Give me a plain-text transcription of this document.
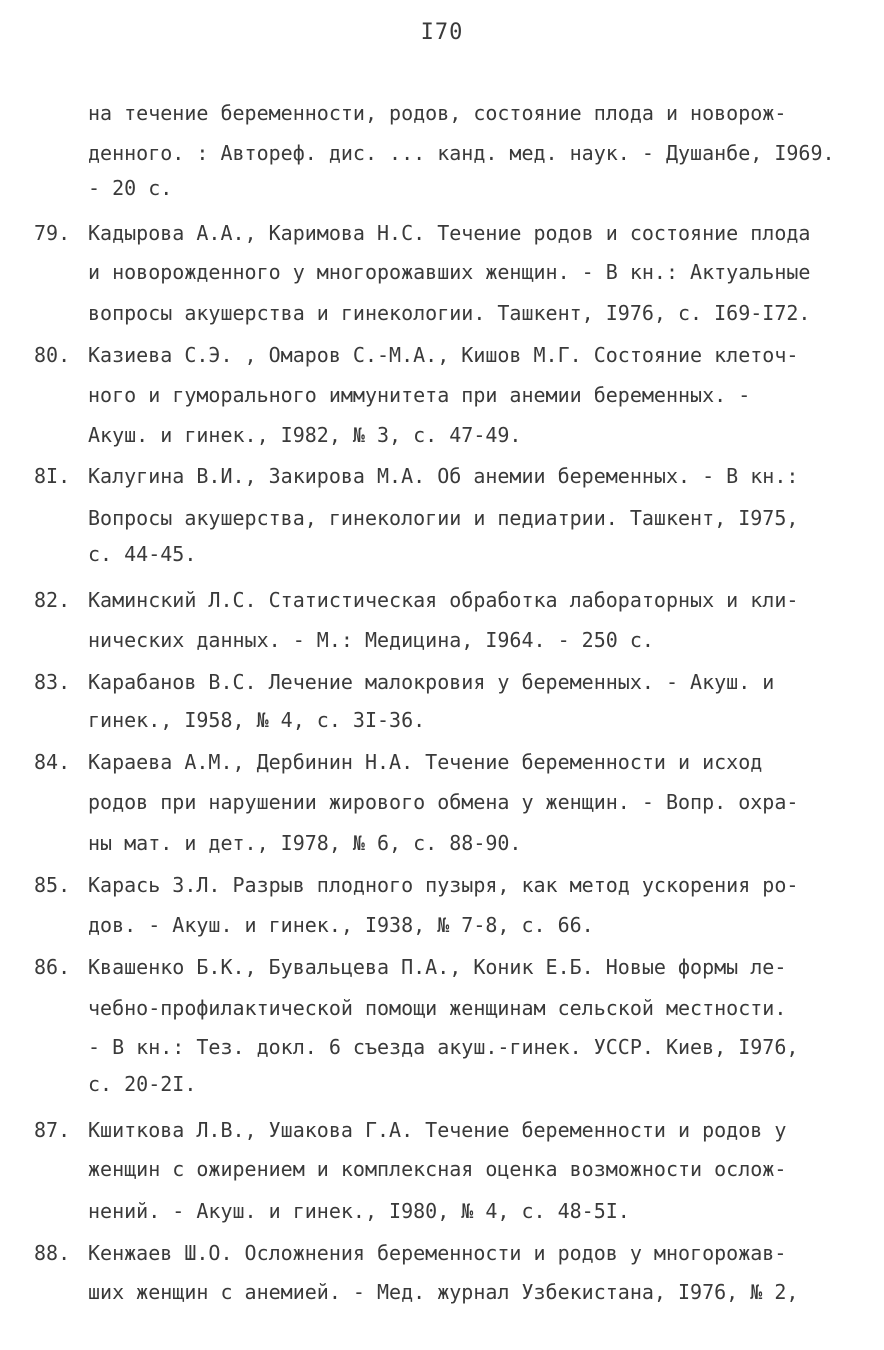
I70
на течение беременности, родов, состояние плода и новорож-
денного. : Автореф. дис. ... канд. мед. наук. - Душанбе, I969.
- 20 с.
79. Кадырова А.А., Каримова Н.С. Течение родов и состояние плода
и новорожденного у многорожавших женщин. - В кн.: Актуальные
вопросы акушерства и гинекологии. Ташкент, I976, с. I69-I72.
80. Казиева С.Э. , Омаров С.-М.А., Кишов М.Г. Состояние клеточ-
ного и гуморального иммунитета при анемии беременных. -
Акуш. и гинек., I982, № 3, с. 47-49.
8I. Калугина В.И., Закирова М.А. Об анемии беременных. - В кн.:
Вопросы акушерства, гинекологии и педиатрии. Ташкент, I975,
с. 44-45.
82. Каминский Л.С. Статистическая обработка лабораторных и кли-
нических данных. - М.: Медицина, I964. - 250 с.
83. Карабанов В.С. Лечение малокровия у беременных. - Акуш. и
гинек., I958, № 4, с. 3I-36.
84. Караева А.М., Дербинин Н.А. Течение беременности и исход
родов при нарушении жирового обмена у женщин. - Вопр. охра-
ны мат. и дет., I978, № 6, с. 88-90.
85. Карась З.Л. Разрыв плодного пузыря, как метод ускорения ро-
дов. - Акуш. и гинек., I938, № 7-8, с. 66.
86. Квашенко Б.К., Бувальцева П.А., Коник Е.Б. Новые формы ле-
чебно-профилактической помощи женщинам сельской местности.
- В кн.: Тез. докл. 6 съезда акуш.-гинек. УССР. Киев, I976,
с. 20-2I.
87. Кшиткова Л.В., Ушакова Г.А. Течение беременности и родов у
женщин с ожирением и комплексная оценка возможности ослож-
нений. - Акуш. и гинек., I980, № 4, с. 48-5I.
88. Кенжаев Ш.О. Осложнения беременности и родов у многорожав-
ших женщин с анемией. - Мед. журнал Узбекистана, I976, № 2,
